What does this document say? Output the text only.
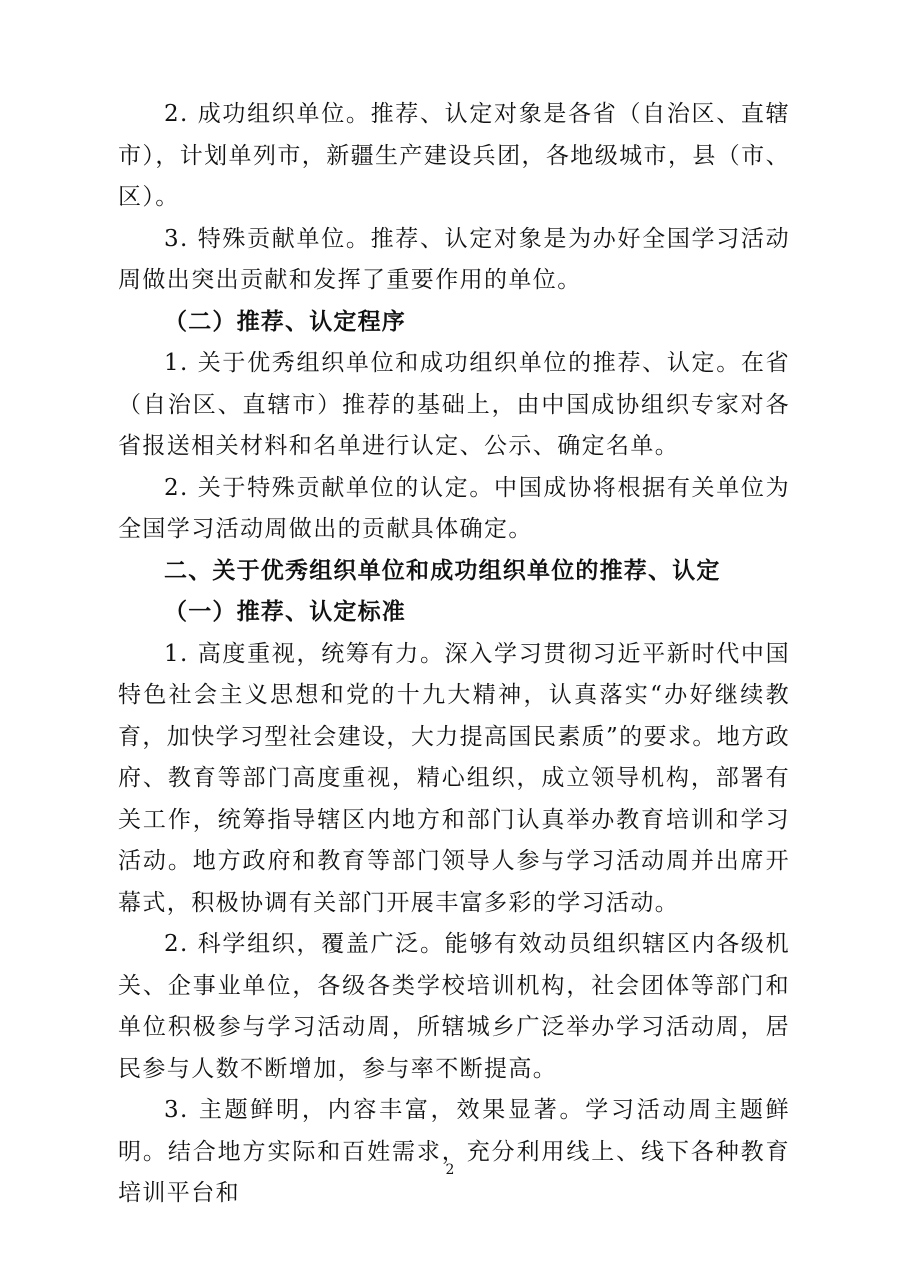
2. 成功组织单位。推荐、认定对象是各省（自治区、直辖市），计划单列市，新疆生产建设兵团，各地级城市，县（市、区）。

3. 特殊贡献单位。推荐、认定对象是为办好全国学习活动周做出突出贡献和发挥了重要作用的单位。

（二）推荐、认定程序

1. 关于优秀组织单位和成功组织单位的推荐、认定。在省（自治区、直辖市）推荐的基础上，由中国成协组织专家对各省报送相关材料和名单进行认定、公示、确定名单。

2. 关于特殊贡献单位的认定。中国成协将根据有关单位为全国学习活动周做出的贡献具体确定。

二、关于优秀组织单位和成功组织单位的推荐、认定

（一）推荐、认定标准

1. 高度重视，统筹有力。深入学习贯彻习近平新时代中国特色社会主义思想和党的十九大精神，认真落实“办好继续教育，加快学习型社会建设，大力提高国民素质”的要求。地方政府、教育等部门高度重视，精心组织，成立领导机构，部署有关工作，统筹指导辖区内地方和部门认真举办教育培训和学习活动。地方政府和教育等部门领导人参与学习活动周并出席开幕式，积极协调有关部门开展丰富多彩的学习活动。

2. 科学组织，覆盖广泛。能够有效动员组织辖区内各级机关、企事业单位，各级各类学校培训机构，社会团体等部门和单位积极参与学习活动周，所辖城乡广泛举办学习活动周，居民参与人数不断增加，参与率不断提高。

3. 主题鲜明，内容丰富，效果显著。学习活动周主题鲜明。结合地方实际和百姓需求，充分利用线上、线下各种教育培训平台和

2
